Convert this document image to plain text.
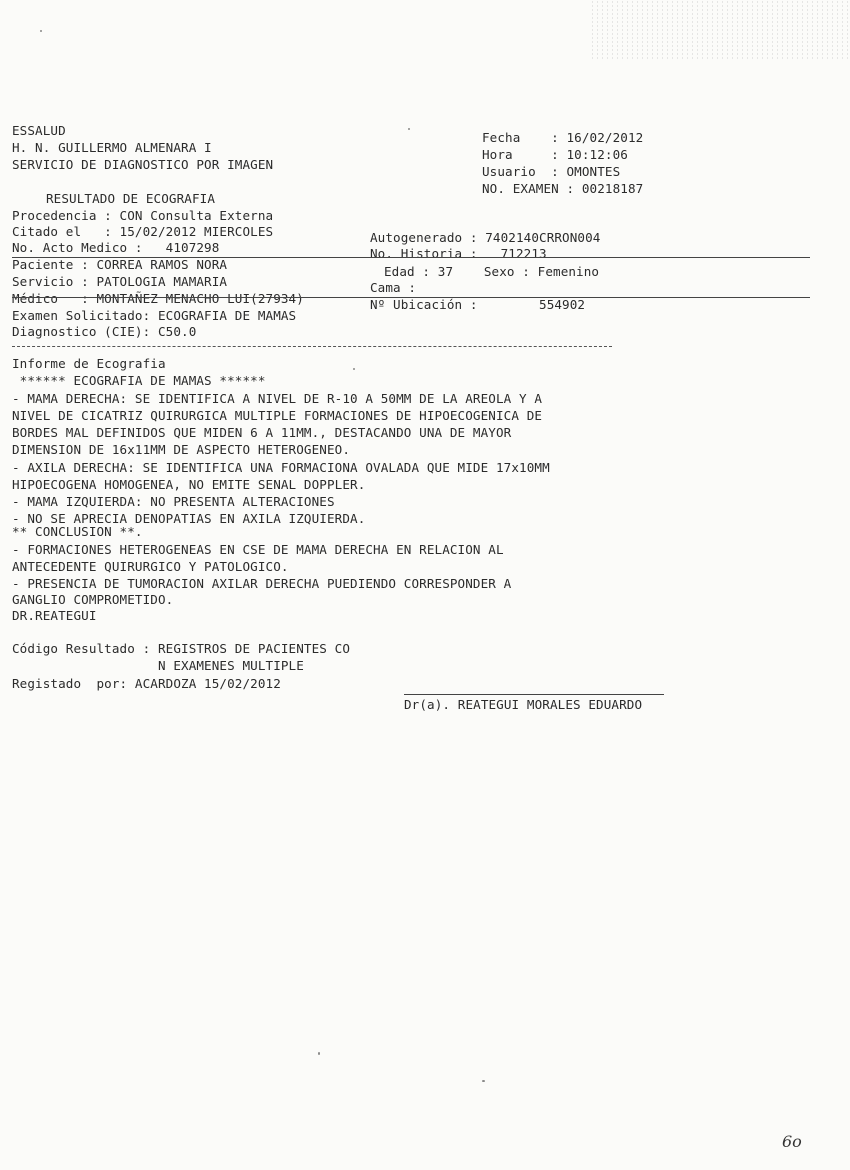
ESSALUD
H. N. GUILLERMO ALMENARA I
SERVICIO DE DIAGNOSTICO POR IMAGEN
Fecha    : 16/02/2012
Hora     : 10:12:06
Usuario  : OMONTES
NO. EXAMEN : 00218187
RESULTADO DE ECOGRAFIA
Procedencia : CON Consulta Externa
Citado el   : 15/02/2012 MIERCOLES
No. Acto Medico :   4107298
Autogenerado : 7402140CRRON004
No. Historia :   712213
Paciente : CORREA RAMOS NORA	Edad : 37    Sexo : Femenino
Servicio : PATOLOGIA MAMARIA	Cama :
Médico   : MONTAÑEZ MENACHO LUI(27934)	Nº Ubicación :        554902
Examen Solicitado: ECOGRAFIA DE MAMAS
Diagnostico (CIE): C50.0
Informe de Ecografia
****** ECOGRAFIA DE MAMAS ******
- MAMA DERECHA: SE IDENTIFICA A NIVEL DE R-10 A 50MM DE LA AREOLA Y A
NIVEL DE CICATRIZ QUIRURGICA MULTIPLE FORMACIONES DE HIPOECOGENICA DE
BORDES MAL DEFINIDOS QUE MIDEN 6 A 11MM., DESTACANDO UNA DE MAYOR
DIMENSION DE 16x11MM DE ASPECTO HETEROGENEO.
- AXILA DERECHA: SE IDENTIFICA UNA FORMACIONA OVALADA QUE MIDE 17x10MM
HIPOECOGENA HOMOGENEA, NO EMITE SENAL DOPPLER.
- MAMA IZQUIERDA: NO PRESENTA ALTERACIONES
- NO SE APRECIA DENOPATIAS EN AXILA IZQUIERDA.
** CONCLUSION **.
- FORMACIONES HETEROGENEAS EN CSE DE MAMA DERECHA EN RELACION AL
ANTECEDENTE QUIRURGICO Y PATOLOGICO.
- PRESENCIA DE TUMORACION AXILAR DERECHA PUEDIENDO CORRESPONDER A
GANGLIO COMPROMETIDO.
DR.REATEGUI
Código Resultado : REGISTROS DE PACIENTES CO
N EXAMENES MULTIPLE
Registado  por: ACARDOZA 15/02/2012
Dr(a). REATEGUI MORALES EDUARDO
6o
